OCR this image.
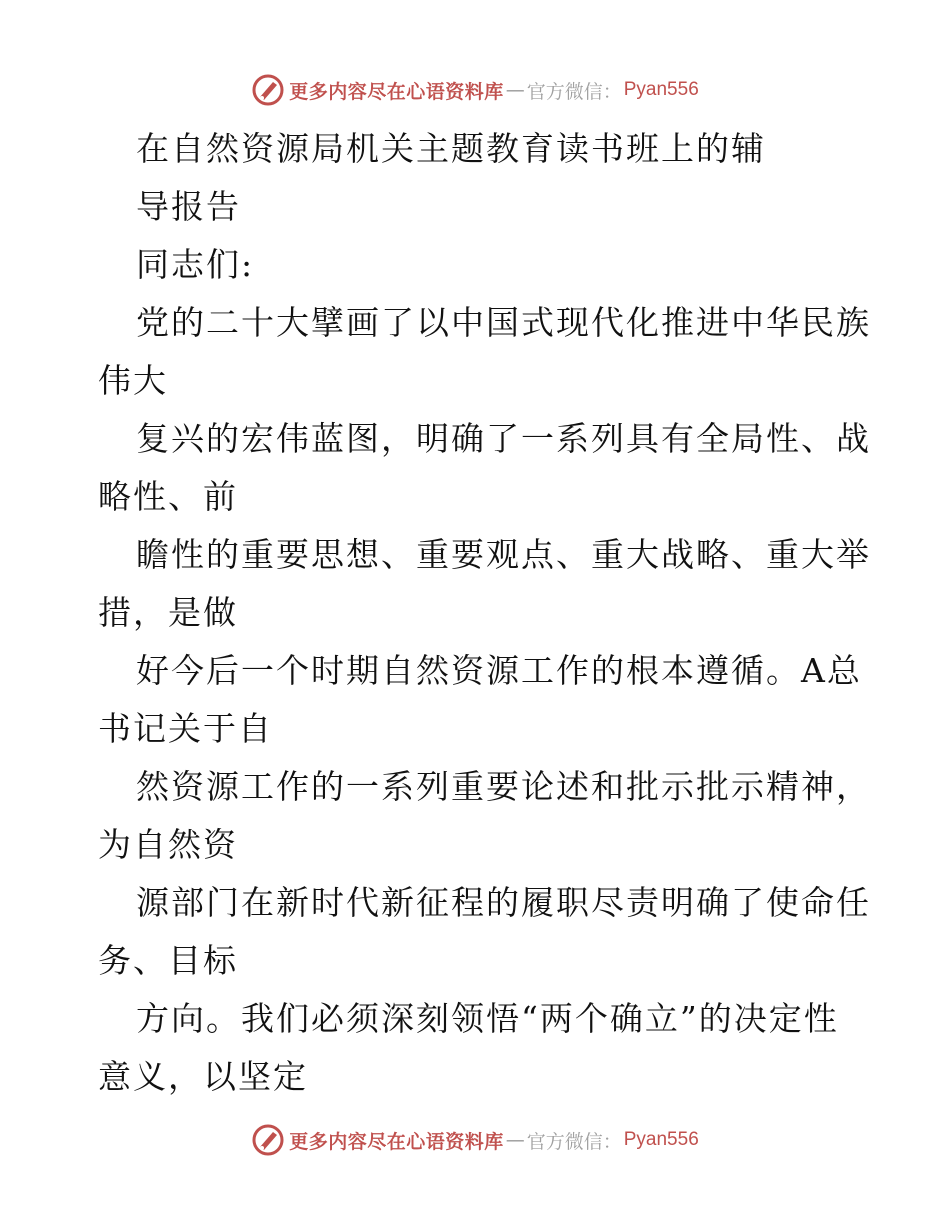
更多内容尽在心语资料库 — 官方微信： Pyan556
在自然资源局机关主题教育读书班上的辅
导报告
同志们:
党的二十大擘画了以中国式现代化推进中华民族
伟大
复兴的宏伟蓝图，明确了一系列具有全局性、战
略性、前
瞻性的重要思想、重要观点、重大战略、重大举
措，是做
好今后一个时期自然资源工作的根本遵循。A总
书记关于自
然资源工作的一系列重要论述和批示批示精神，
为自然资
源部门在新时代新征程的履职尽责明确了使命任
务、目标
方向。我们必须深刻领悟“两个确立”的决定性
意义，以坚定
更多内容尽在心语资料库 — 官方微信： Pyan556
